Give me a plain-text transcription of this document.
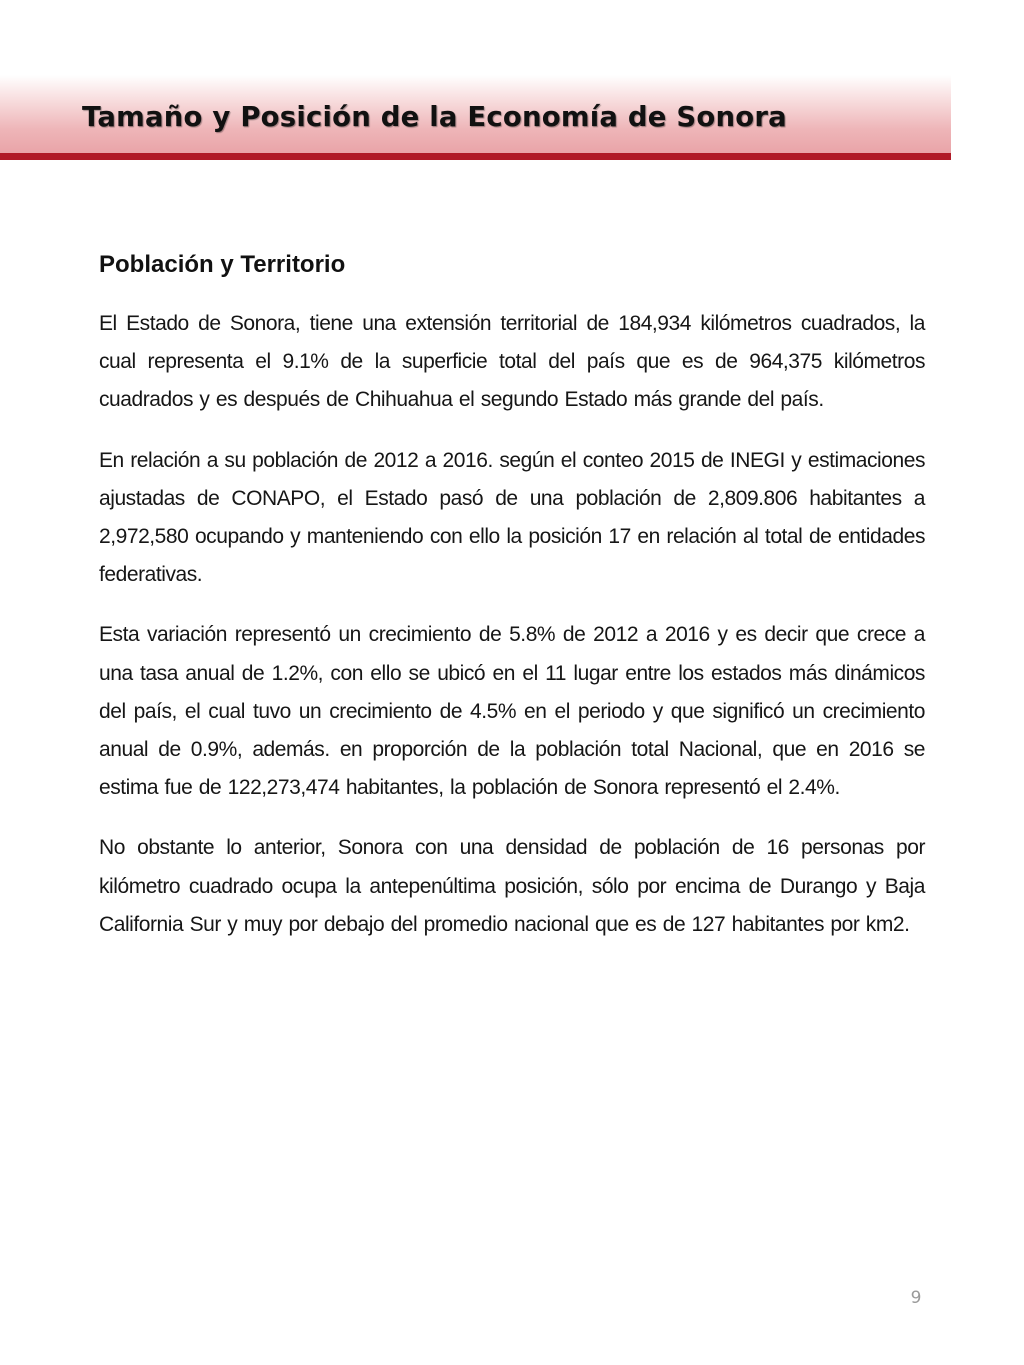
Tamaño y Posición de la Economía de Sonora
Población y Territorio

El Estado de Sonora, tiene una extensión territorial de 184,934 kilómetros cuadrados, la cual representa el 9.1% de la superficie total del país que es de 964,375 kilómetros cuadrados y es después de Chihuahua el segundo Estado más grande del país.

En relación a su población de 2012 a 2016. según el conteo 2015 de INEGI y estimaciones ajustadas de CONAPO, el Estado pasó de una población de 2,809.806 habitantes a 2,972,580 ocupando y manteniendo con ello la posición 17 en relación al total de entidades federativas.

Esta variación representó un crecimiento de 5.8% de 2012 a 2016 y es decir que crece a una tasa anual de 1.2%, con ello se ubicó en el 11 lugar entre los estados más dinámicos del país, el cual tuvo un crecimiento de 4.5% en el periodo y que significó un crecimiento anual de 0.9%, además. en proporción de la población total Nacional, que en 2016 se estima fue de 122,273,474 habitantes, la población de Sonora representó el 2.4%.

No obstante lo anterior, Sonora con una densidad de población de 16 personas por kilómetro cuadrado ocupa la antepenúltima posición, sólo por encima de Durango y Baja California Sur y muy por debajo del promedio nacional que es de 127 habitantes por km2.

9
